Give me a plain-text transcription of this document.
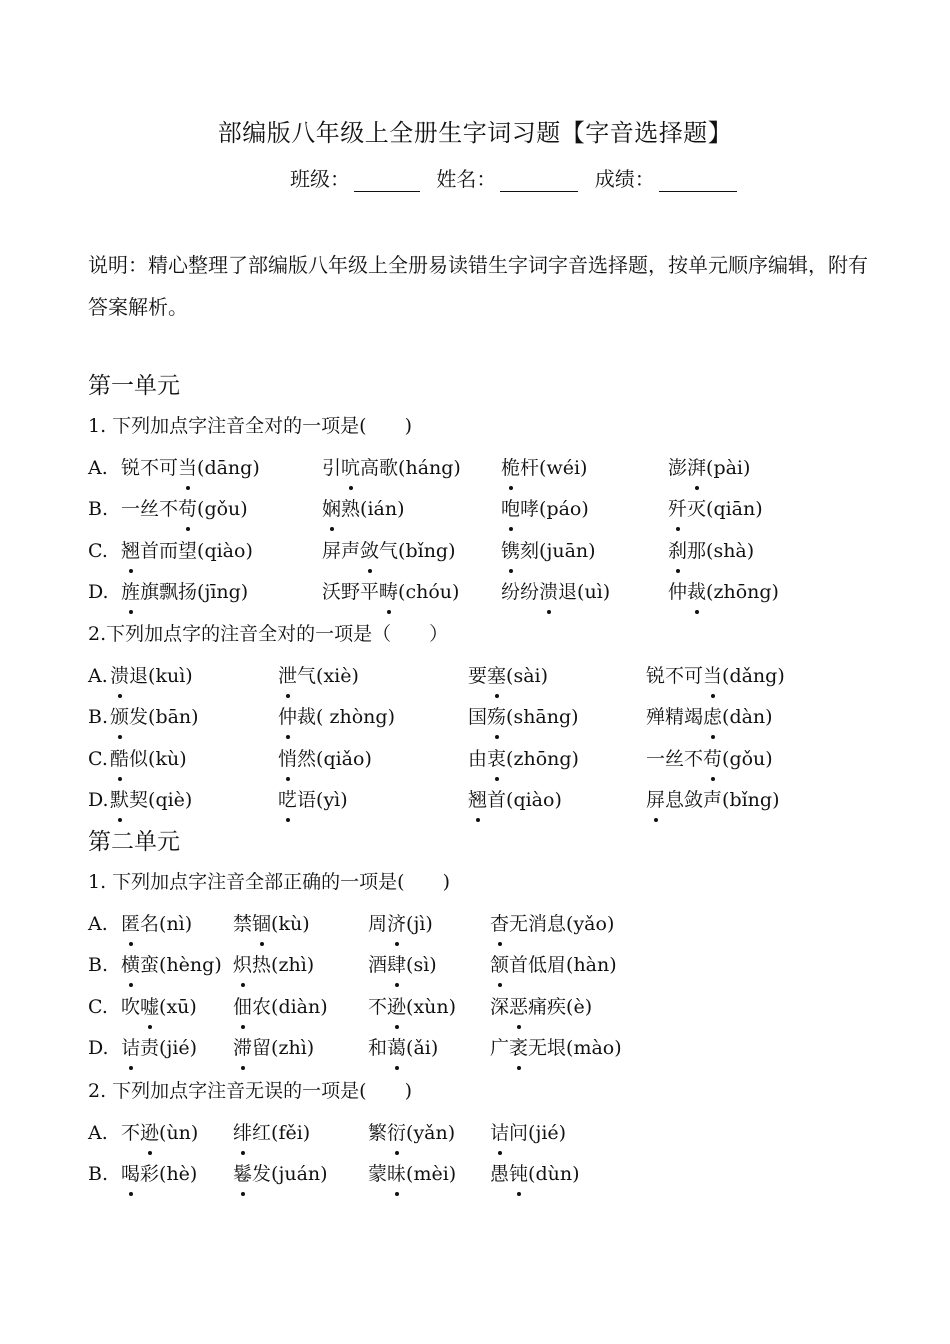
部编版八年级上全册生字词习题【字音选择题】
班级：	姓名：	成绩：
说明：精心整理了部编版八年级上全册易读错生字词字音选择题，按单元顺序编辑，附有答案解析。
第一单元
1. 下列加点字注音全对的一项是(　　)
A. 锐不可当(dāng)	引吭高歌(háng) 桅杆(wéi)	澎湃(pài)
B. 一丝不苟(gǒu)	娴熟(ián)	咆哮(páo)	歼灭(qiān)
C. 翘首而望(qiào)	屏声敛气(bǐng) 镌刻(juān)	刹那(shà)
D. 旌旗飘扬(jīng)	沃野平畴(chóu) 纷纷溃退(uì)	仲裁(zhōng)
2.下列加点字的注音全对的一项是（　　）
A. 溃退(kuì)	泄气(xiè)	要塞(sài)	锐不可当(dǎng)
B. 颁发(bān)	仲裁( zhòng)	国殇(shāng)	殚精竭虑(dàn)
C. 酷似(kù)	悄然(qiǎo)	由衷(zhōng)	一丝不苟(gǒu)
D. 默契(qiè)	呓语(yì)	翘首(qiào)	屏息敛声(bǐng)
第二单元
1. 下列加点字注音全部正确的一项是(　　)
A. 匿名(nì) 禁锢(kù)	周济(jì)	杳无消息(yǎo)
B. 横蛮(hèng) 炽热(zhì)	酒肆(sì)	颔首低眉(hàn)
C. 吹嘘(xū) 佃农(diàn) 不逊(xùn) 深恶痛疾(è)
D. 诘责(jié) 滞留(zhì)	和蔼(ǎi)	广袤无垠(mào)
2. 下列加点字注音无误的一项是(　　)
A. 不逊(ùn) 绯红(fěi)	繁衍(yǎn) 诘问(jié)
B. 喝彩(hè) 鬈发(juán) 蒙昧(mèi) 愚钝(dùn)
